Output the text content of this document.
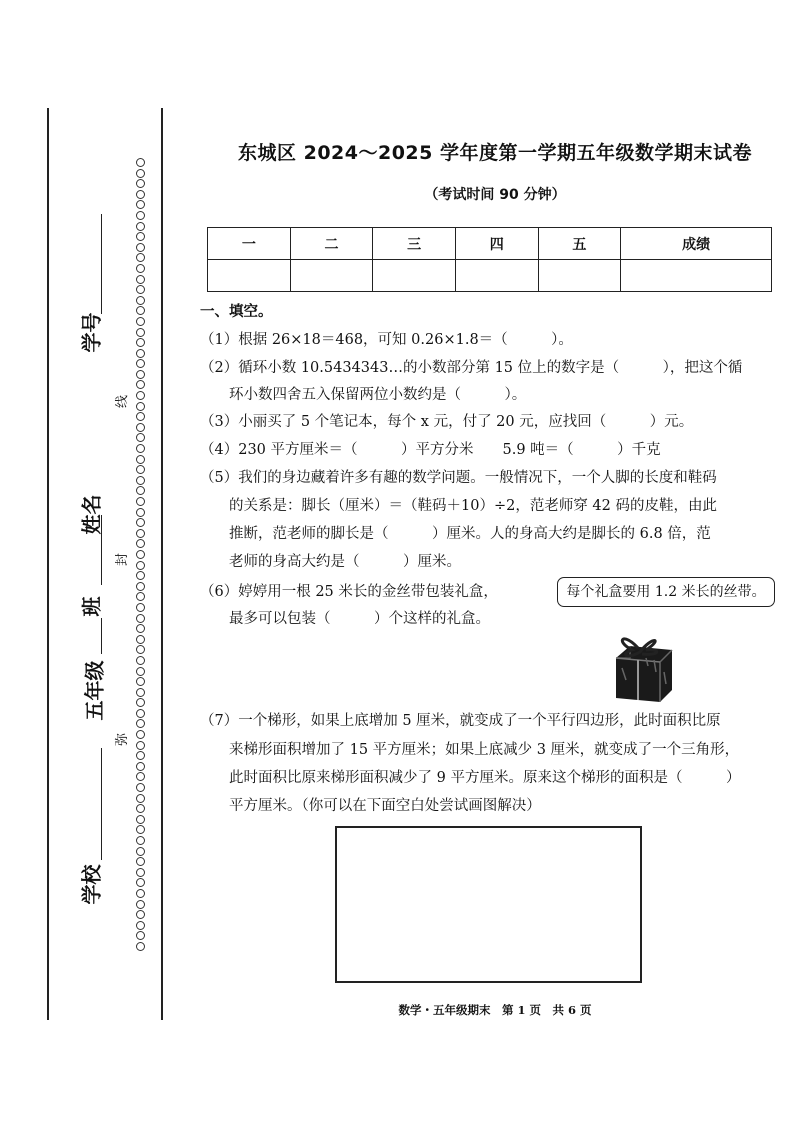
学校
五年级
班
姓名
学号
弥
封
线
东城区 2024～2025 学年度第一学期五年级数学期末试卷
（考试时间 90 分钟）
一	二	三	四	五	成绩

一、填空。
（1）根据 26×18＝468，可知 0.26×1.8＝（　　　）。
（2）循环小数 10.5434343…的小数部分第 15 位上的数字是（　　　），把这个循
　　环小数四舍五入保留两位小数约是（　　　）。
（3）小丽买了 5 个笔记本，每个 x 元，付了 20 元，应找回（　　　）元。
（4）230 平方厘米＝（　　　）平方分米　　5.9 吨＝（　　　）千克
（5）我们的身边藏着许多有趣的数学问题。一般情况下，一个人脚的长度和鞋码
　　的关系是：脚长（厘米）＝（鞋码＋10）÷2，范老师穿 42 码的皮鞋，由此
　　推断，范老师的脚长是（　　　）厘米。人的身高大约是脚长的 6.8 倍，范
　　老师的身高大约是（　　　）厘米。
（6）婷婷用一根 25 米长的金丝带包装礼盒，
　　最多可以包装（　　　）个这样的礼盒。
每个礼盒要用 1.2 米长的丝带。
（7）一个梯形，如果上底增加 5 厘米，就变成了一个平行四边形，此时面积比原
　　来梯形面积增加了 15 平方厘米；如果上底减少 3 厘米，就变成了一个三角形，
　　此时面积比原来梯形面积减少了 9 平方厘米。原来这个梯形的面积是（　　　）
　　平方厘米。（你可以在下面空白处尝试画图解决）
数学・五年级期末　第 1 页　共 6 页
